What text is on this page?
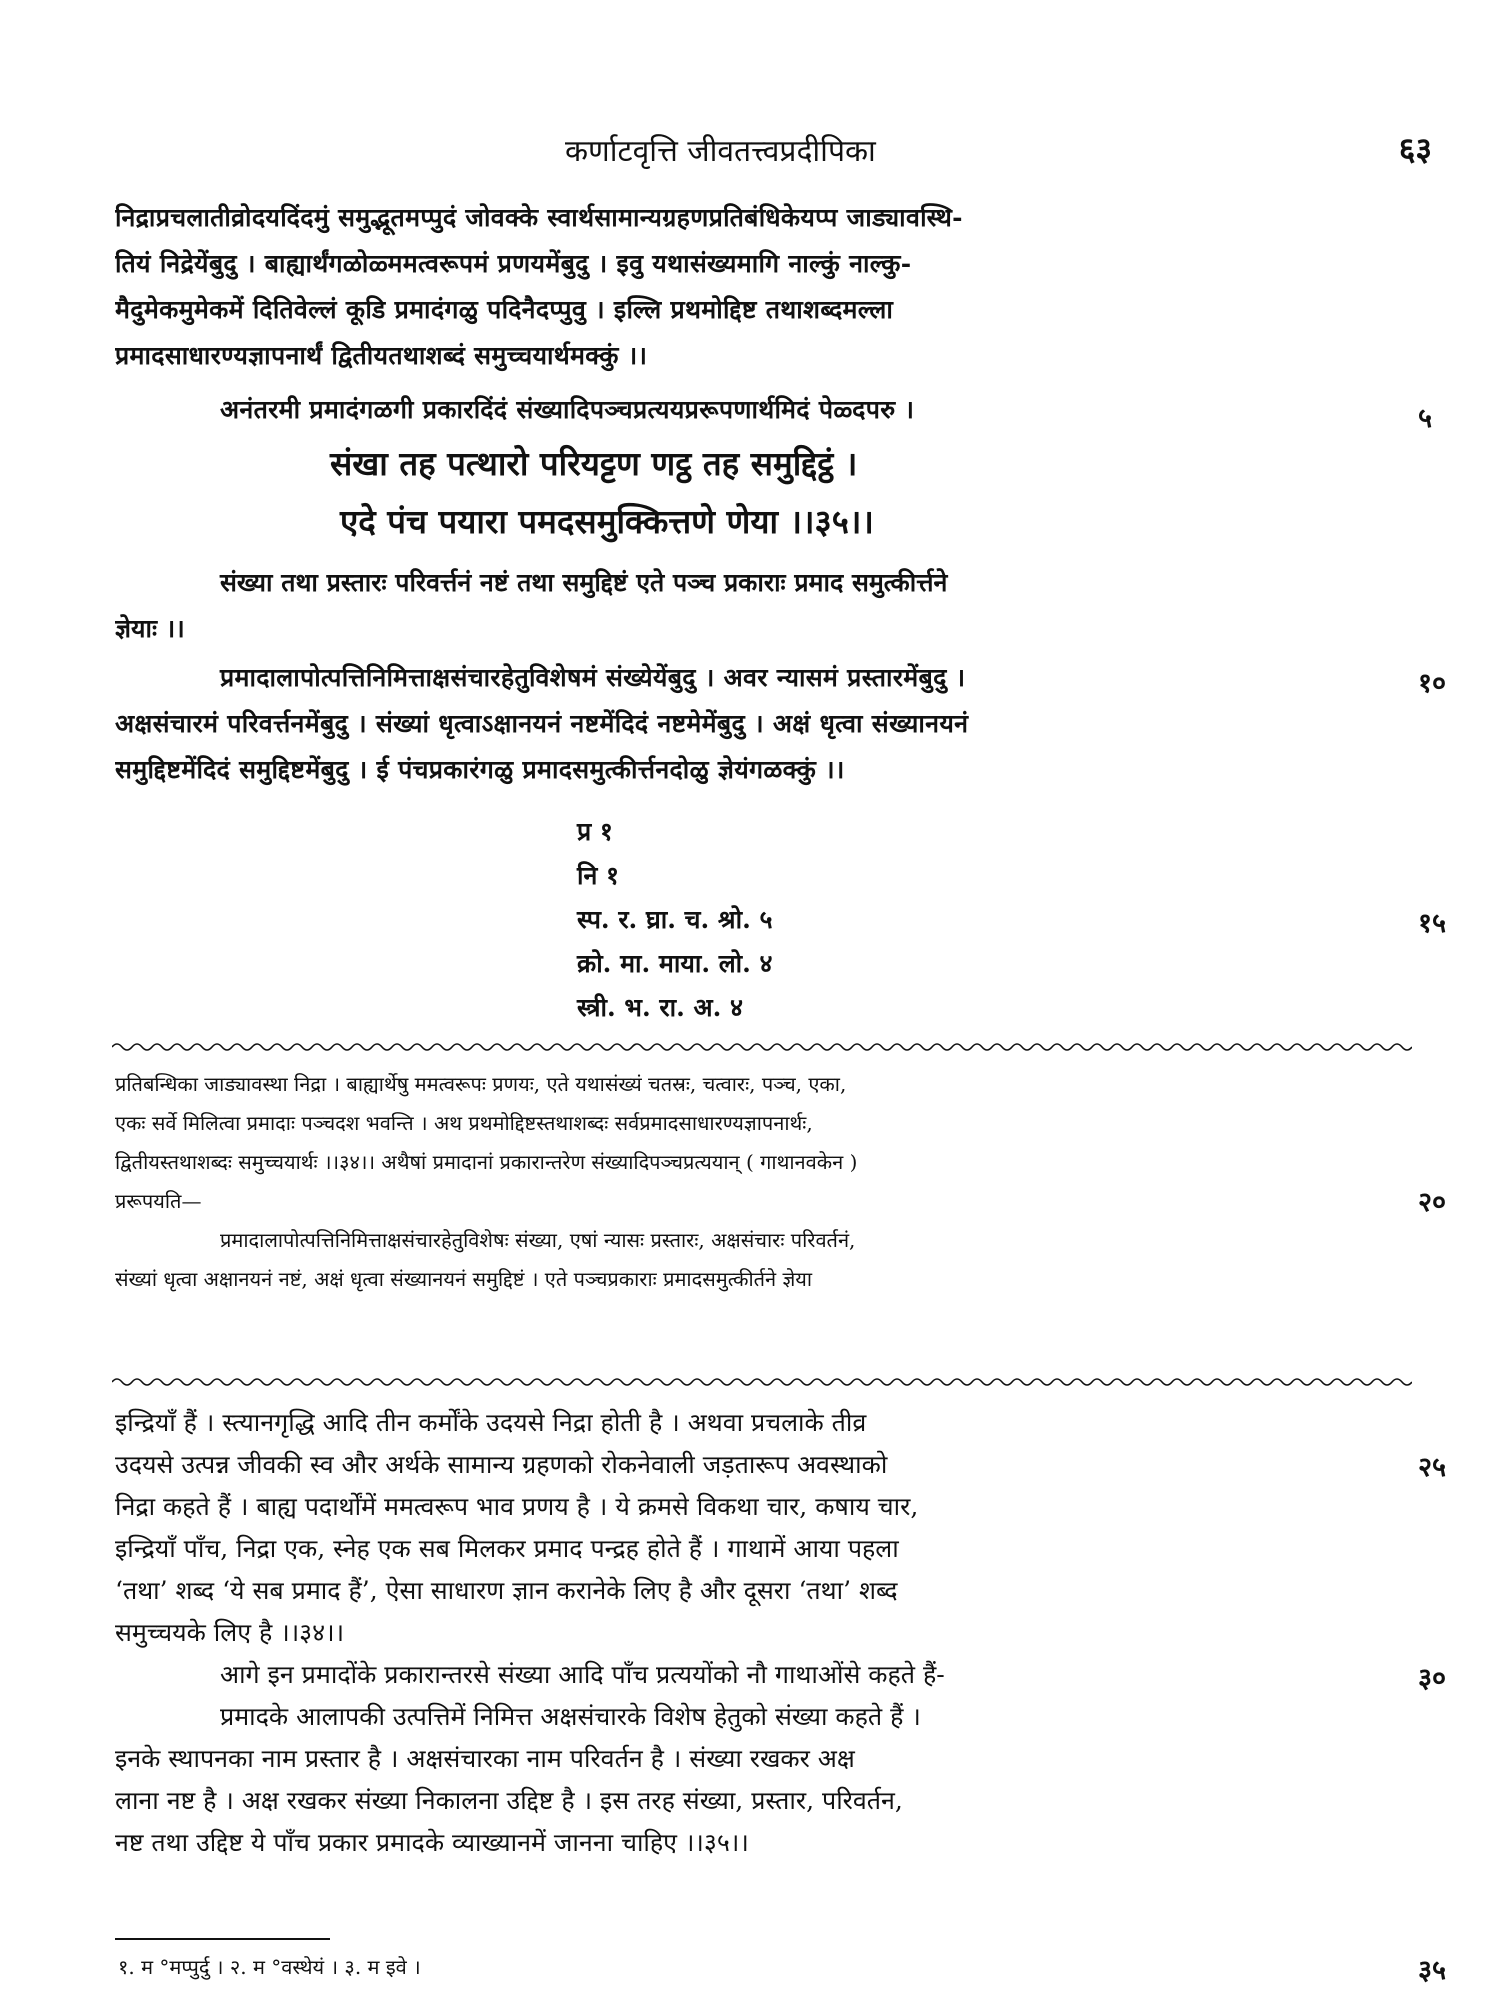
कर्णाटवृत्ति जीवतत्त्वप्रदीपिका	६३
निद्राप्रचलातीव्रोदयदिंदमुं समुद्भूतमप्पुदं जोवक्के स्वार्थसामान्यग्रहणप्रतिबंधिकेयप्प जाड्यावस्थि-
तियं निद्रेयेंबुदु । बाह्यार्थंगळोळ्ममत्वरूपमं प्रणयमेंबुदु । इवु यथासंख्यमागि नाल्कुं नाल्कु-
मैदुमेकमुमेकमें दितिवेल्लं कूडि प्रमादंगळु पदिनैदप्पुवु । इल्लि प्रथमोद्दिष्ट तथाशब्दमल्ला
प्रमादसाधारण्यज्ञापनार्थं द्वितीयतथाशब्दं समुच्चयार्थमक्कुं ।।
अनंतरमी प्रमादंगळगी प्रकारदिंदं संख्यादिपञ्चप्रत्ययप्ररूपणार्थमिदं पेळ्दपरु ।
संखा तह पत्थारो परियट्टण णट्ठ तह समुद्दिट्ठं ।
एदे पंच पयारा पमदसमुक्कित्तणे णेया ।।३५।।
संख्या तथा प्रस्तारः परिवर्त्तनं नष्टं तथा समुद्दिष्टं एते पञ्च प्रकाराः प्रमाद समुत्कीर्त्तने
ज्ञेयाः ।।
प्रमादालापोत्पत्तिनिमित्ताक्षसंचारहेतुविशेषमं संख्येयेंबुदु । अवर न्यासमं प्रस्तारमेंबुदु ।
अक्षसंचारमं परिवर्त्तनमेंबुदु । संख्यां धृत्वाऽक्षानयनं नष्टमेंदिदं नष्टमेमेंबुदु । अक्षं धृत्वा संख्यानयनं
समुद्दिष्टमेंदिदं समुद्दिष्टमेंबुदु । ई पंचप्रकारंगळु प्रमादसमुत्कीर्त्तनदोळु ज्ञेयंगळक्कुं ।।
प्र १
नि १
स्प. र. घ्रा. च. श्रो. ५
क्रो. मा. माया. लो. ४
स्त्री. भ. रा. अ. ४
प्रतिबन्धिका जाड्यावस्था निद्रा । बाह्यार्थेषु ममत्वरूपः प्रणयः, एते यथासंख्यं चतस्रः, चत्वारः, पञ्च, एका,
एकः सर्वे मिलित्वा प्रमादाः पञ्चदश भवन्ति । अथ प्रथमोद्दिष्टस्तथाशब्दः सर्वप्रमादसाधारण्यज्ञापनार्थः,
द्वितीयस्तथाशब्दः समुच्चयार्थः ।।३४।। अथैषां प्रमादानां प्रकारान्तरेण संख्यादिपञ्चप्रत्ययान् ( गाथानवकेन )
प्ररूपयति—
प्रमादालापोत्पत्तिनिमित्ताक्षसंचारहेतुविशेषः संख्या, एषां न्यासः प्रस्तारः, अक्षसंचारः परिवर्तनं,
संख्यां धृत्वा अक्षानयनं नष्टं, अक्षं धृत्वा संख्यानयनं समुद्दिष्टं । एते पञ्चप्रकाराः प्रमादसमुत्कीर्तने ज्ञेया
इन्द्रियाँ हैं । स्त्यानगृद्धि आदि तीन कर्मोंके उदयसे निद्रा होती है । अथवा प्रचलाके तीव्र
उदयसे उत्पन्न जीवकी स्व और अर्थके सामान्य ग्रहणको रोकनेवाली जड़तारूप अवस्थाको
निद्रा कहते हैं । बाह्य पदार्थोंमें ममत्वरूप भाव प्रणय है । ये क्रमसे विकथा चार, कषाय चार,
इन्द्रियाँ पाँच, निद्रा एक, स्नेह एक सब मिलकर प्रमाद पन्द्रह होते हैं । गाथामें आया पहला
‘तथा’ शब्द ‘ये सब प्रमाद हैं’, ऐसा साधारण ज्ञान करानेके लिए है और दूसरा ‘तथा’ शब्द
समुच्चयके लिए है ।।३४।।
आगे इन प्रमादोंके प्रकारान्तरसे संख्या आदि पाँच प्रत्ययोंको नौ गाथाओंसे कहते हैं-
प्रमादके आलापकी उत्पत्तिमें निमित्त अक्षसंचारके विशेष हेतुको संख्या कहते हैं ।
इनके स्थापनका नाम प्रस्तार है । अक्षसंचारका नाम परिवर्तन है । संख्या रखकर अक्ष
लाना नष्ट है । अक्ष रखकर संख्या निकालना उद्दिष्ट है । इस तरह संख्या, प्रस्तार, परिवर्तन,
नष्ट तथा उद्दिष्ट ये पाँच प्रकार प्रमादके व्याख्यानमें जानना चाहिए ।।३५।।
५
१०
१५
२०
२५
३०
१. म °मप्पुर्दु । २. म °वस्थेयं । ३. म इवे ।	३५
